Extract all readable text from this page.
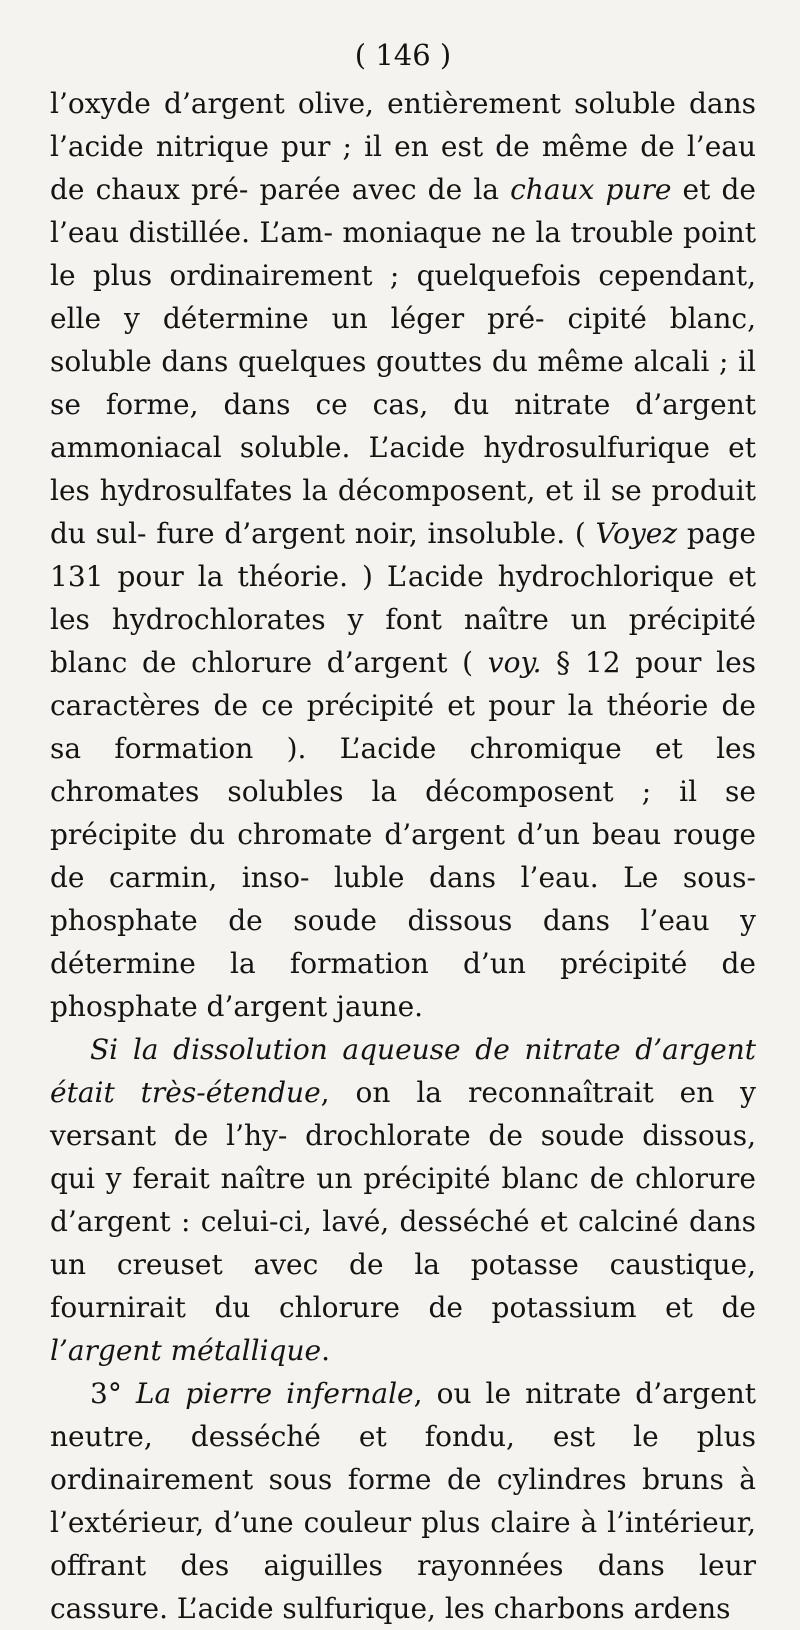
( 146 )

l’oxyde d’argent olive, entièrement soluble dans l’acide nitrique pur ; il en est de même de l’eau de chaux pré- parée avec de la chaux pure et de l’eau distillée. L’am- moniaque ne la trouble point le plus ordinairement ; quelquefois cependant, elle y détermine un léger pré- cipité blanc, soluble dans quelques gouttes du même alcali ; il se forme, dans ce cas, du nitrate d’argent ammoniacal soluble. L’acide hydrosulfurique et les hydrosulfates la décomposent, et il se produit du sul- fure d’argent noir, insoluble. ( Voyez page 131 pour la théorie. ) L’acide hydrochlorique et les hydrochlorates y font naître un précipité blanc de chlorure d’argent ( voy. § 12 pour les caractères de ce précipité et pour la théorie de sa formation ). L’acide chromique et les chromates solubles la décomposent ; il se précipite du chromate d’argent d’un beau rouge de carmin, inso- luble dans l’eau. Le sous-phosphate de soude dissous dans l’eau y détermine la formation d’un précipité de phosphate d’argent jaune.

Si la dissolution aqueuse de nitrate d’argent était très-étendue, on la reconnaîtrait en y versant de l’hy- drochlorate de soude dissous, qui y ferait naître un précipité blanc de chlorure d’argent : celui-ci, lavé, desséché et calciné dans un creuset avec de la potasse caustique, fournirait du chlorure de potassium et de l’argent métallique.

3° La pierre infernale, ou le nitrate d’argent neutre, desséché et fondu, est le plus ordinairement sous forme de cylindres bruns à l’extérieur, d’une couleur plus claire à l’intérieur, offrant des aiguilles rayonnées dans leur cassure. L’acide sulfurique, les charbons ardens
